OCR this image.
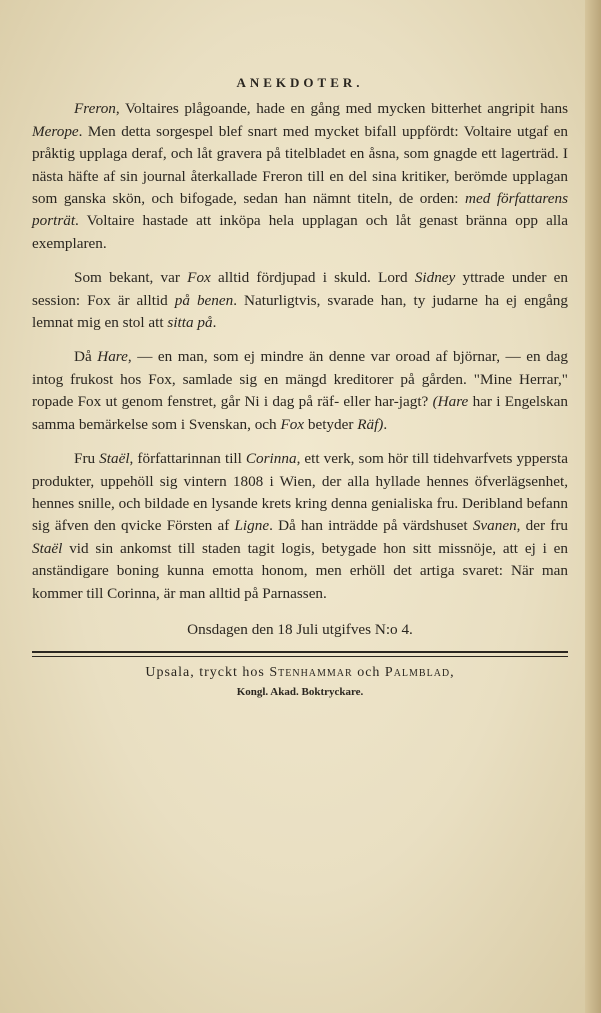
ANEKDOTER.

Freron, Voltaires plågoande, hade en gång med mycken bitterhet angripit hans Merope. Men detta sorgespel blef snart med mycket bifall uppfördt: Voltaire utgaf en pråktig upplaga deraf, och låt gravera på titelbladet en åsna, som gnagde ett lagerträd. I nästa häfte af sin journal återkallade Freron till en del sina kritiker, berömde upplagan som ganska skön, och bifogade, sedan han nämnt titeln, de orden: med författarens porträt. Voltaire hastade att inköpa hela upplagan och låt genast bränna opp alla exemplaren.

Som bekant, var Fox alltid fördjupad i skuld. Lord Sidney yttrade under en session: Fox är alltid på benen. Naturligtvis, svarade han, ty judarne ha ej engång lemnat mig en stol att sitta på.

Då Hare, — en man, som ej mindre än denne var oroad af björnar, — en dag intog frukost hos Fox, samlade sig en mängd kreditorer på gården. "Mine Herrar," ropade Fox ut genom fenstret, går Ni i dag på räf- eller har-jagt? (Hare har i Engelskan samma bemärkelse som i Svenskan, och Fox betyder Räf).

Fru Staël, författarinnan till Corinna, ett verk, som hör till tidehvarfvets yppersta produkter, uppehöll sig vintern 1808 i Wien, der alla hyllade hennes öfverlägsenhet, hennes snille, och bildade en lysande krets kring denna genialiska fru. Deribland befann sig äfven den qvicke Försten af Ligne. Då han inträdde på värdshuset Svanen, der fru Staël vid sin ankomst till staden tagit logis, betygade hon sitt missnöje, att ej i en anständigare boning kunna emotta honom, men erhöll det artiga svaret: När man kommer till Corinna, är man alltid på Parnassen.

Onsdagen den 18 Juli utgifves N:o 4.

Upsala, tryckt hos Stenhammar och Palmblad,
Kongl. Akad. Boktryckare.
